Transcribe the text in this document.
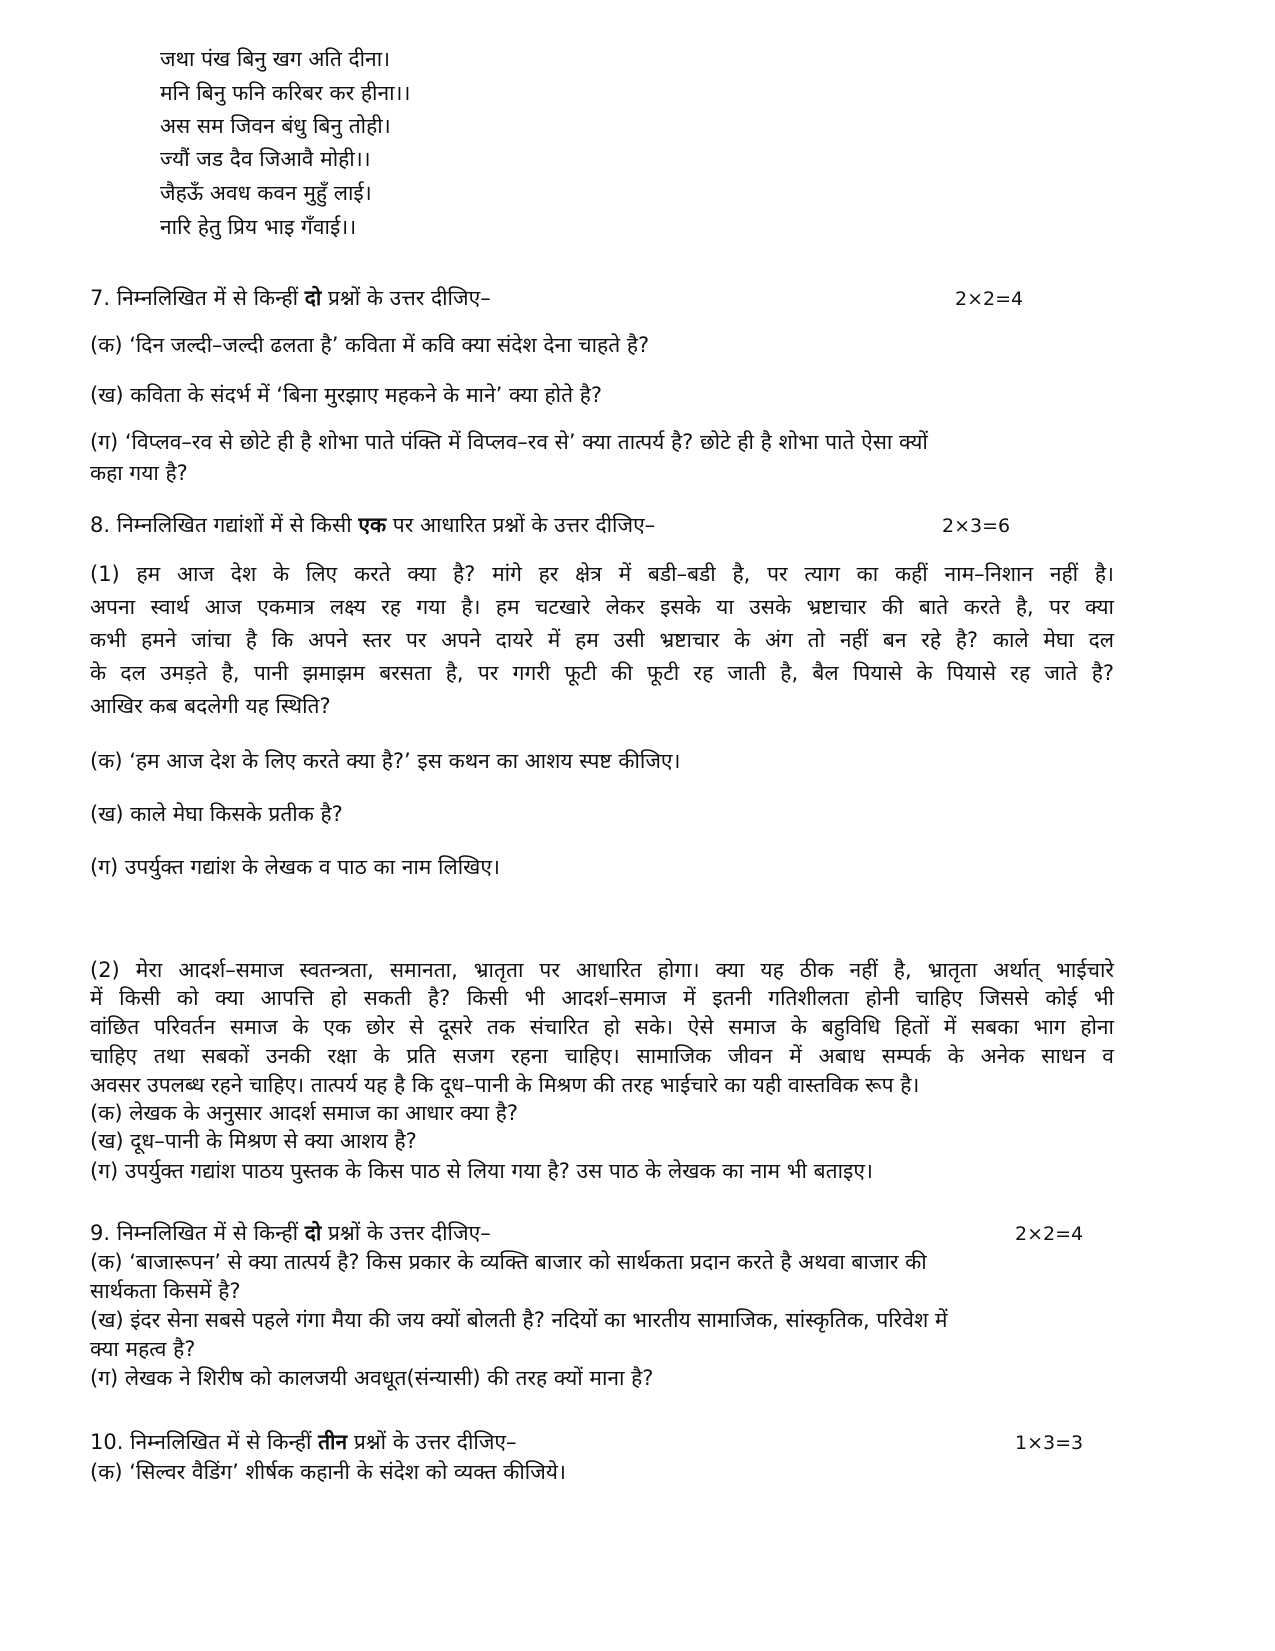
जथा पंख बिनु खग अति दीना।
मनि बिनु फनि करिबर कर हीना।।
अस सम जिवन बंधु बिनु तोही।
ज्यौं जड दैव जिआवै मोही।।
जैहऊँ अवध कवन मुहुँ लाई।
नारि हेतु प्रिय भाइ गँवाई।।
7. निम्नलिखित में से किन्हीं दो प्रश्नों के उत्तर दीजिए–	2×2=4
(क) ‘दिन जल्दी–जल्दी ढलता है’ कविता में कवि क्या संदेश देना चाहते है?
(ख) कविता के संदर्भ में ‘बिना मुरझाए महकने के माने’ क्या होते है?
(ग) ‘विप्लव–रव से छोटे ही है शोभा पाते पंक्ति में विप्लव–रव से’ क्या तात्पर्य है? छोटे ही है शोभा पाते ऐसा क्यों
कहा गया है?
8. निम्नलिखित गद्यांशों में से किसी एक पर आधारित प्रश्नों के उत्तर दीजिए–	2×3=6
(1) हम आज देश के लिए करते क्या है? मांगे हर क्षेत्र में बडी–बडी है, पर त्याग का कहीं नाम–निशान नहीं है।
अपना स्वार्थ आज एकमात्र लक्ष्य रह गया है। हम चटखारे लेकर इसके या उसके भ्रष्टाचार की बाते करते है, पर क्या
कभी हमने जांचा है कि अपने स्तर पर अपने दायरे में हम उसी भ्रष्टाचार के अंग तो नहीं बन रहे है? काले मेघा दल
के दल उमड़ते है, पानी झमाझम बरसता है, पर गगरी फूटी की फूटी रह जाती है, बैल पियासे के पियासे रह जाते है?
आखिर कब बदलेगी यह स्थिति?
(क) ‘हम आज देश के लिए करते क्या है?’ इस कथन का आशय स्पष्ट कीजिए।
(ख) काले मेघा किसके प्रतीक है?
(ग) उपर्युक्त गद्यांश के लेखक व पाठ का नाम लिखिए।
(2) मेरा आदर्श–समाज स्वतन्त्रता, समानता, भ्रातृता पर आधारित होगा। क्या यह ठीक नहीं है, भ्रातृता अर्थात् भाईचारे
में किसी को क्या आपत्ति हो सकती है? किसी भी आदर्श–समाज में इतनी गतिशीलता होनी चाहिए जिससे कोई भी
वांछित परिवर्तन समाज के एक छोर से दूसरे तक संचारित हो सके। ऐसे समाज के बहुविधि हितों में सबका भाग होना
चाहिए तथा सबकों उनकी रक्षा के प्रति सजग रहना चाहिए। सामाजिक जीवन में अबाध सम्पर्क के अनेक साधन व
अवसर उपलब्ध रहने चाहिए। तात्पर्य यह है कि दूध–पानी के मिश्रण की तरह भाईचारे का यही वास्तविक रूप है।
(क) लेखक के अनुसार आदर्श समाज का आधार क्या है?
(ख) दूध–पानी के मिश्रण से क्या आशय है?
(ग) उपर्युक्त गद्यांश पाठय पुस्तक के किस पाठ से लिया गया है? उस पाठ के लेखक का नाम भी बताइए।
9. निम्नलिखित में से किन्हीं दो प्रश्नों के उत्तर दीजिए–	2×2=4
(क) ‘बाजारूपन’ से क्या तात्पर्य है? किस प्रकार के व्यक्ति बाजार को सार्थकता प्रदान करते है अथवा बाजार की
सार्थकता किसमें है?
(ख) इंदर सेना सबसे पहले गंगा मैया की जय क्यों बोलती है? नदियों का भारतीय सामाजिक, सांस्कृतिक, परिवेश में
क्या महत्व है?
(ग) लेखक ने शिरीष को कालजयी अवधूत(संन्यासी) की तरह क्यों माना है?
10. निम्नलिखित में से किन्हीं तीन प्रश्नों के उत्तर दीजिए–	1×3=3
(क) ‘सिल्वर वैडिंग’ शीर्षक कहानी के संदेश को व्यक्त कीजिये।
